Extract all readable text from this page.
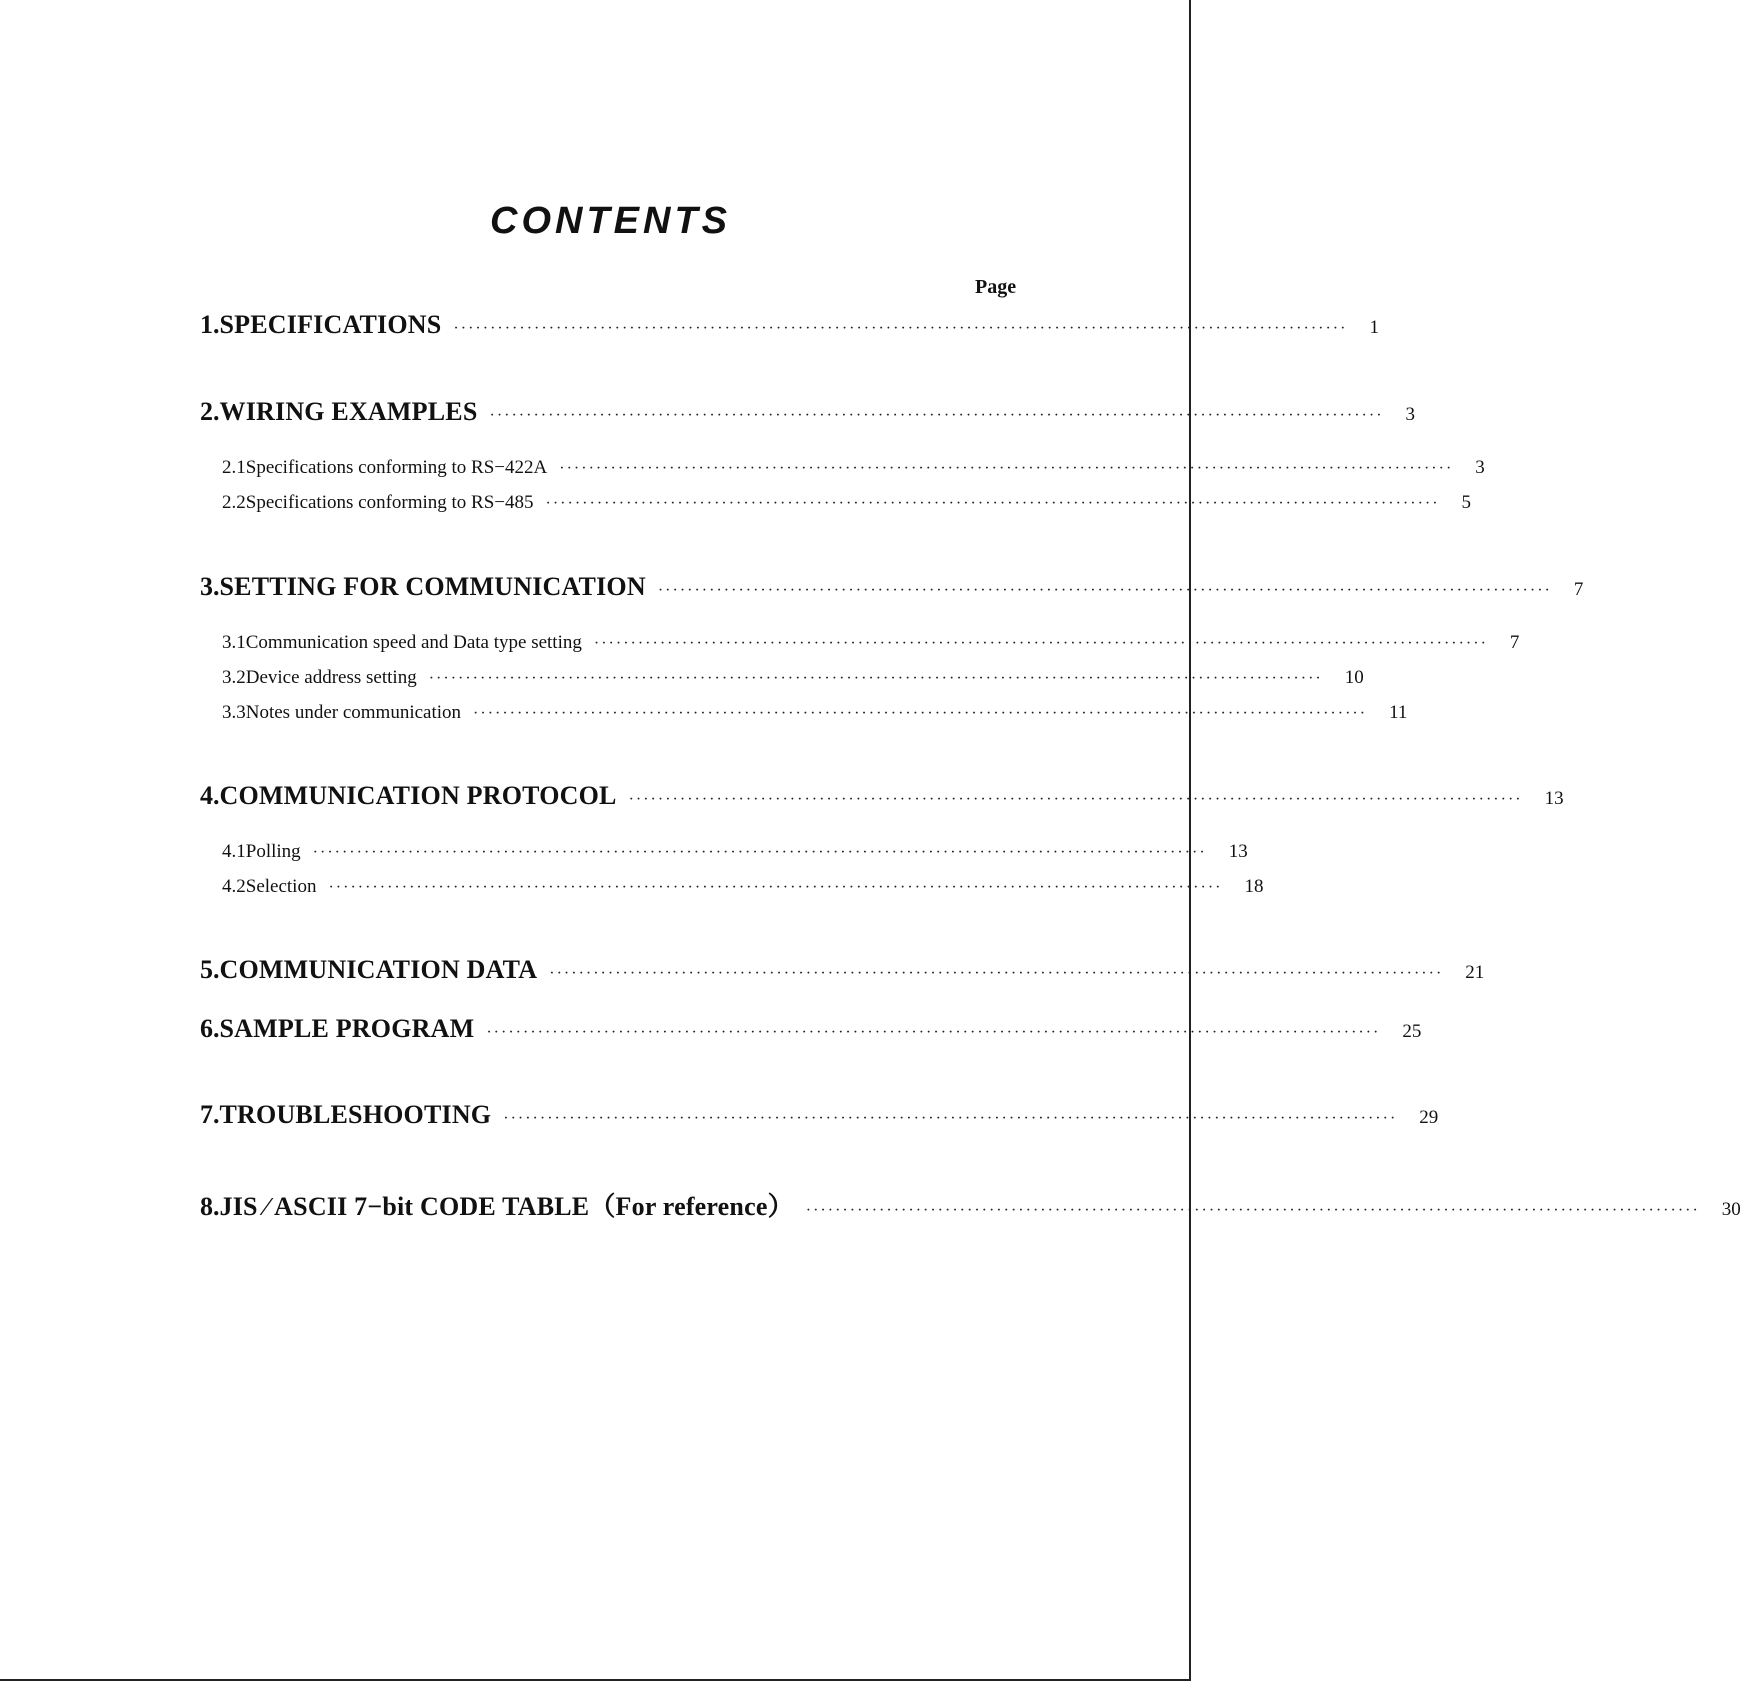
CONTENTS
Page
1. SPECIFICATIONS ·························································································································· 1
2. WIRING EXAMPLES ·························································································································· 3
2.1 Specifications conforming to RS−422A ·························································································································· 3
2.2 Specifications conforming to RS−485 ·························································································································· 5
3. SETTING FOR COMMUNICATION ·························································································································· 7
3.1 Communication speed and Data type setting ·························································································································· 7
3.2 Device address setting ·························································································································· 10
3.3 Notes under communication ·························································································································· 11
4. COMMUNICATION PROTOCOL ·························································································································· 13
4.1 Polling ·························································································································· 13
4.2 Selection ·························································································································· 18
5. COMMUNICATION DATA ·························································································································· 21
6. SAMPLE PROGRAM ·························································································································· 25
7. TROUBLESHOOTING ·························································································································· 29
8. JIS ∕ ASCII 7−bit CODE TABLE（For reference） ·························································································································· 30
